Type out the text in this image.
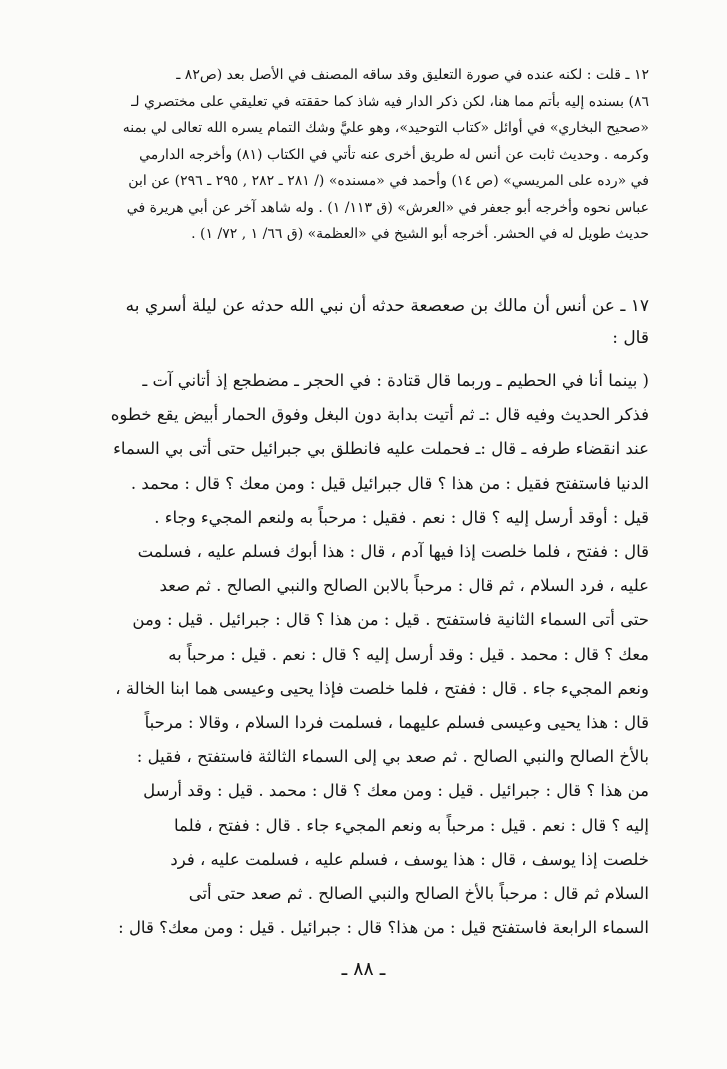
١٢ ـ قلت : لكنه عنده في صورة التعليق وقد ساقه المصنف في الأصل بعد (ص٨٢ ـ
٨٦) بسنده إليه بأتم مما هنا، لكن ذكر الدار فيه شاذ كما حققته في تعليقي على مختصري لـ
«صحيح البخاري» في أوائل «كتاب التوحيد»، وهو عليَّ وشك التمام يسره الله تعالى لي بمنه
وكرمه . وحديث ثابت عن أنس له طريق أخرى عنه تأتي في الكتاب (٨١) وأخرجه الدارمي
في «رده على المريسي» (ص ١٤) وأحمد في «مسنده» (/ ٢٨١ ـ ٢٨٢ , ٢٩٥ ـ ٢٩٦) عن ابن
عباس نحوه وأخرجه أبو جعفر في «العرش» (ق ١١٣/ ١) . وله شاهد آخر عن أبي هريرة في
حديث طويل له في الحشر. أخرجه أبو الشيخ في «العظمة» (ق ٦٦/ ١ , ٧٢/ ١) .
١٧ ـ عن أنس أن مالك بن صعصعة حدثه أن نبي الله حدثه عن ليلة أسري به
قال :
( بينما أنا في الحطيم ـ وربما قال قتادة : في الحجر ـ مضطجع إذ أتاني آت ـ
فذكر الحديث وفيه قال :ـ ثم أتيت بدابة دون البغل وفوق الحمار أبيض يقع خطوه
عند انقضاء طرفه ـ قال :ـ فحملت عليه فانطلق بي جبرائيل حتى أتى بي السماء
الدنيا فاستفتح فقيل : من هذا ؟ قال جبرائيل قيل : ومن معك ؟ قال : محمد .
قيل : أوقد أرسل إليه ؟ قال : نعم . فقيل : مرحباً به ولنعم المجيء وجاء .
قال : ففتح ، فلما خلصت إذا فيها آدم ، قال : هذا أبوك فسلم عليه ، فسلمت
عليه ، فرد السلام ، ثم قال : مرحباً بالابن الصالح والنبي الصالح . ثم صعد
حتى أتى السماء الثانية فاستفتح . قيل : من هذا ؟ قال : جبرائيل . قيل : ومن
معك ؟ قال : محمد . قيل : وقد أرسل إليه ؟ قال : نعم . قيل : مرحباً به
ونعم المجيء جاء . قال : ففتح ، فلما خلصت فإذا يحيى وعيسى هما ابنا الخالة ،
قال : هذا يحيى وعيسى فسلم عليهما ، فسلمت فردا السلام ، وقالا : مرحباً
بالأخ الصالح والنبي الصالح . ثم صعد بي إلى السماء الثالثة فاستفتح ، فقيل :
من هذا ؟ قال : جبرائيل . قيل : ومن معك ؟ قال : محمد . قيل : وقد أرسل
إليه ؟ قال : نعم . قيل : مرحباً به ونعم المجيء جاء . قال : ففتح ، فلما
خلصت إذا يوسف ، قال : هذا يوسف ، فسلم عليه ، فسلمت عليه ، فرد
السلام ثم قال : مرحباً بالأخ الصالح والنبي الصالح . ثم صعد حتى أتى
السماء الرابعة فاستفتح قيل : من هذا؟ قال : جبرائيل . قيل : ومن معك؟ قال :
ـ ٨٨ ـ
